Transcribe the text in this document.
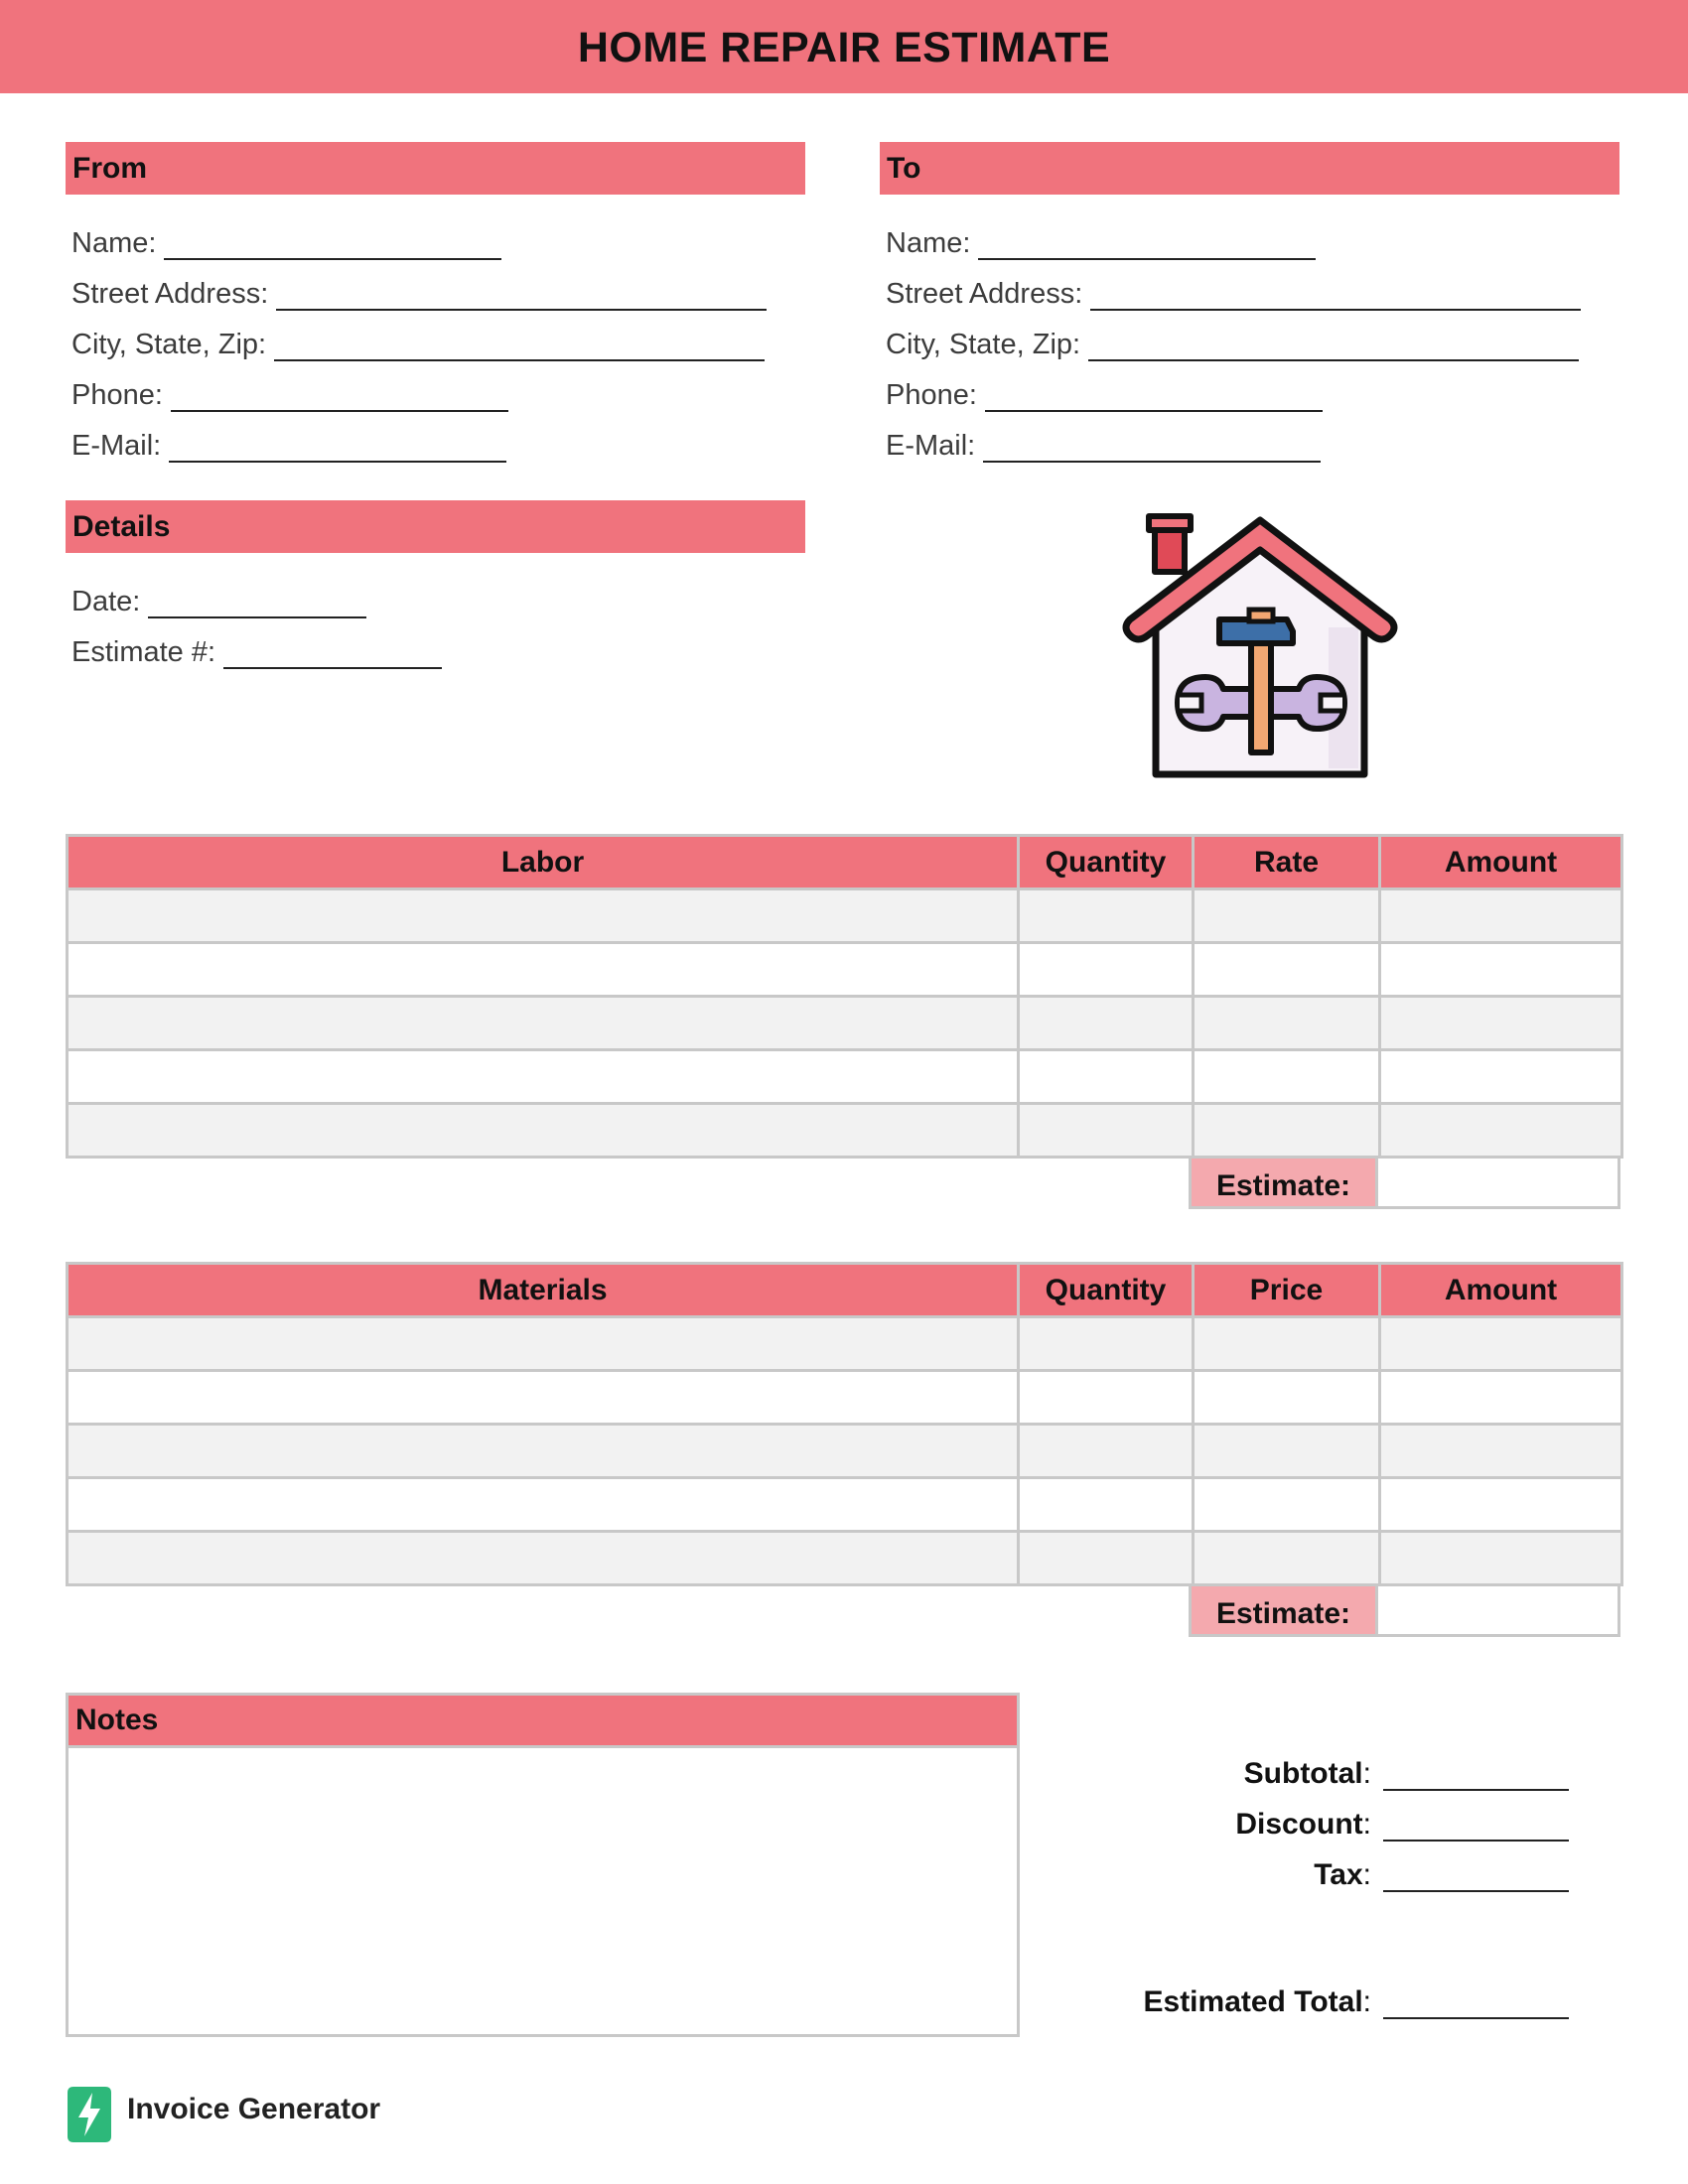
HOME REPAIR ESTIMATE
From
Name:
Street Address:
City, State, Zip:
Phone:
E-Mail:
To
Name:
Street Address:
City, State, Zip:
Phone:
E-Mail:
Details
Date:
Estimate #:
Labor	Quantity	Rate	Amount

Estimate:
Materials	Quantity	Price	Amount

Estimate:
Notes
Subtotal :
Discount :
Tax :
Estimated Total :
Invoice Generator
